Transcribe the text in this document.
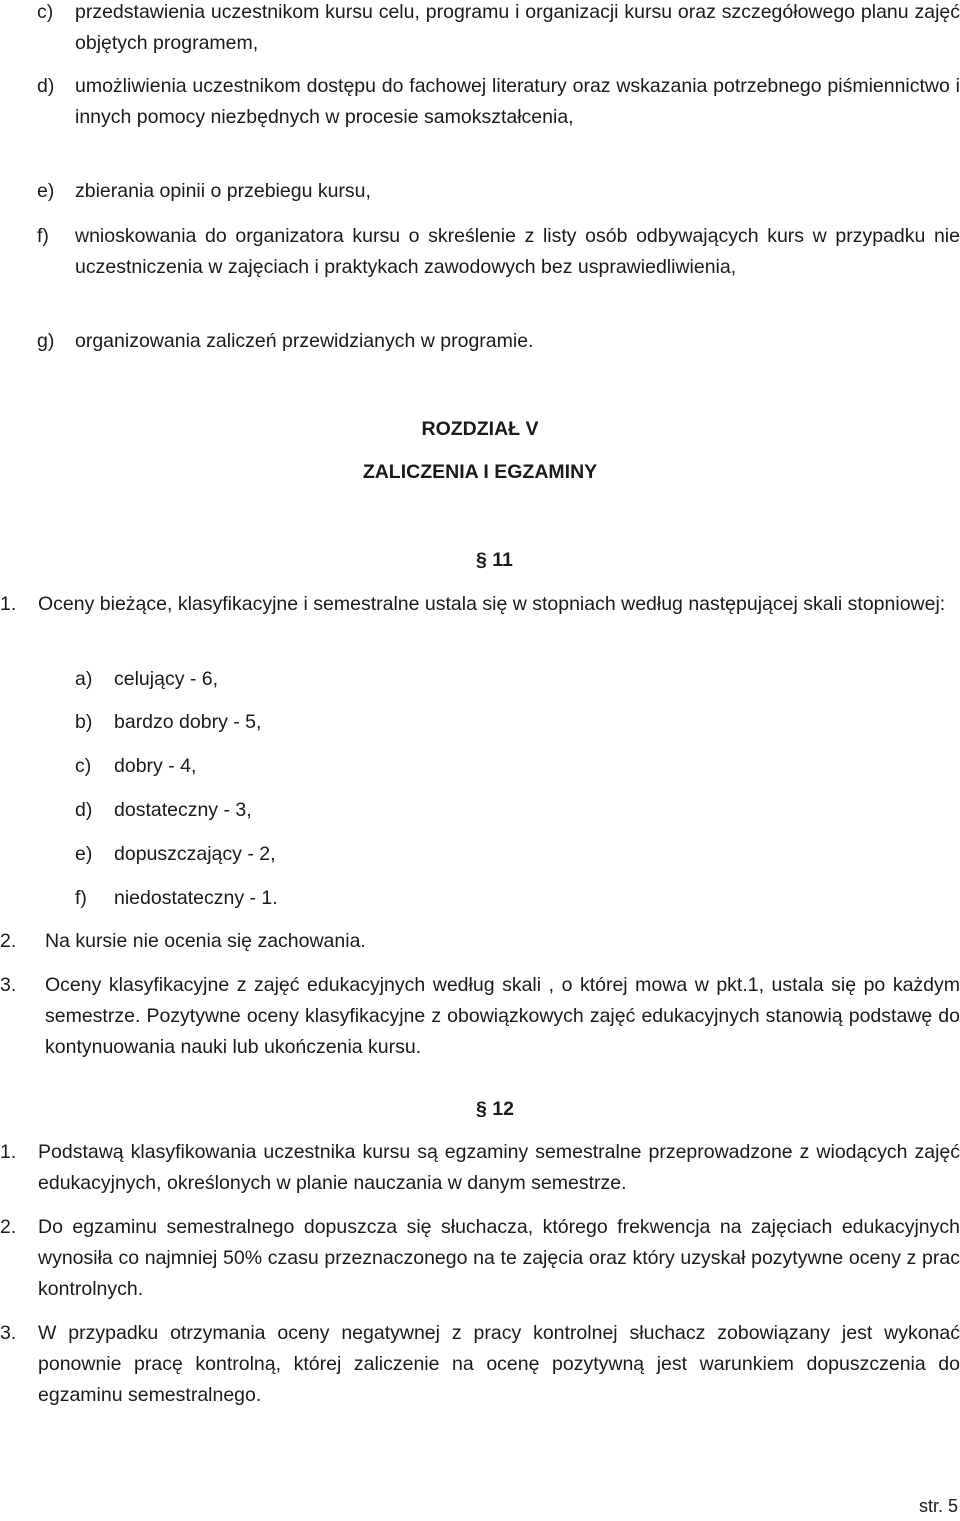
c)	przedstawienia uczestnikom kursu celu, programu i organizacji kursu oraz szczegółowego planu zajęć objętych programem,
d)	umożliwienia uczestnikom dostępu do fachowej literatury oraz wskazania potrzebnego piśmiennictwo i innych pomocy niezbędnych w procesie samokształcenia,
e)	zbierania opinii o przebiegu kursu,
f)	wnioskowania do organizatora kursu o skreślenie z listy osób odbywających kurs w przypadku nie uczestniczenia w zajęciach i praktykach zawodowych bez usprawiedliwienia,
g)	organizowania zaliczeń przewidzianych w programie.
ROZDZIAŁ V
ZALICZENIA I EGZAMINY
§ 11
1.	Oceny bieżące, klasyfikacyjne i semestralne ustala się w stopniach według następującej skali stopniowej:
a)	celujący - 6,
b)	bardzo dobry - 5,
c)	dobry - 4,
d)	dostateczny - 3,
e)	dopuszczający - 2,
f)	niedostateczny - 1.
2.	Na kursie nie ocenia się zachowania.
3.	Oceny klasyfikacyjne z zajęć edukacyjnych według skali , o której mowa w pkt.1, ustala się po każdym semestrze. Pozytywne oceny klasyfikacyjne z obowiązkowych zajęć edukacyjnych stanowią podstawę do kontynuowania nauki lub ukończenia kursu.
§ 12
1.	Podstawą klasyfikowania uczestnika kursu są egzaminy semestralne przeprowadzone z wiodących zajęć edukacyjnych, określonych w planie nauczania w danym semestrze.
2.	Do egzaminu semestralnego dopuszcza się słuchacza, którego frekwencja na zajęciach edukacyjnych wynosiła co najmniej 50% czasu przeznaczonego na te zajęcia oraz który uzyskał pozytywne oceny z prac kontrolnych.
3.	W przypadku otrzymania oceny negatywnej z pracy kontrolnej słuchacz zobowiązany jest wykonać ponownie pracę kontrolną, której zaliczenie na ocenę pozytywną jest warunkiem dopuszczenia do egzaminu semestralnego.
str. 5
